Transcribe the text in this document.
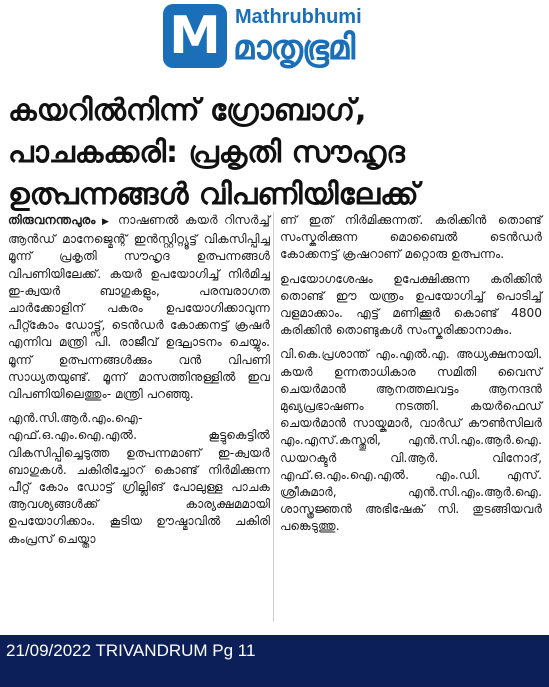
M Mathrubhumi
മാതൃഭൂമി
കയറിൽനിന്ന് ഗ്രോബാഗ്,
പാചകക്കരി: പ്രകൃതി സൗഹൃദ
ഉത്പന്നങ്ങൾ വിപണിയിലേക്ക്

തിരുവനന്തപുരം ▶ നാഷണൽ കയർ റിസർച്ച് ആൻഡ് മാനേജ്മെന്റ് ഇൻസ്റ്റിറ്റ്യൂട്ട് വികസിപ്പിച്ച മൂന്ന് പ്രകൃതി സൗഹൃദ ഉത്പന്നങ്ങൾ വിപണിയിലേക്ക്. കയർ ഉപയോഗിച്ച് നിർമിച്ച ഇ-ക്വയർ ബാഗുകളും, പരമ്പരാഗത ചാർക്കോളിന് പകരം ഉപയോഗിക്കാവുന്ന പീറ്റ്കോം ഡോട്ട്സ്, ടെൻഡർ കോക്കനട്ട് ക്രഷർ എന്നിവ മന്ത്രി പി. രാജീവ് ഉദ്ഘാടനം ചെയ്യും. മൂന്ന് ഉത്പന്നങ്ങൾക്കും വൻ വിപണി സാധ്യതയുണ്ട്. മൂന്ന് മാസത്തിനുള്ളിൽ ഇവ വിപണിയിലെത്തും- മന്ത്രി പറഞ്ഞു.

എൻ.സി.ആർ.എം.ഐ-എഫ്.ഒ.എം.ഐ.എൽ. കൂട്ടുകെട്ടിൽ വികസിപ്പിച്ചെടുത്ത ഉത്പന്നമാണ് ഇ-ക്വയർ ബാഗുകൾ. ചകിരിച്ചോറ് കൊണ്ട് നിർമിക്കുന്ന പീറ്റ് കോം ഡോട്ട് ഗ്രില്ലിങ് പോലുള്ള പാചക ആവശ്യങ്ങൾക്ക് കാര്യക്ഷമമായി ഉപയോഗിക്കാം. കൂടിയ ഊഷ്മാവിൽ ചകിരി കംപ്രസ് ചെയ്താ

ണ് ഇത് നിർമിക്കുന്നത്. കരിക്കിൻ തൊണ്ട് സംസ്കരിക്കുന്ന മൊബൈൽ ടെൻഡർ കോക്കനട്ട് ക്രഷറാണ് മറ്റൊരു ഉത്പന്നം.

ഉപയോഗശേഷം ഉപേക്ഷിക്കുന്ന കരിക്കിൻ തൊണ്ട് ഈ യന്ത്രം ഉപയോഗിച്ച് പൊടിച്ച് വളമാക്കാം. എട്ട് മണിക്കൂർ കൊണ്ട് 4800 കരിക്കിൻ തൊണ്ടുകൾ സംസ്കരിക്കാനാകും.

വി.കെ.പ്രശാന്ത് എം.എൽ.എ. അധ്യക്ഷനായി. കയർ ഉന്നതാധികാര സമിതി വൈസ് ചെയർമാൻ ആനത്തലവട്ടം ആനന്ദൻ മുഖ്യപ്രഭാഷണം നടത്തി. കയർഫെഡ് ചെയർമാൻ സായ്കുമാർ, വാർഡ് കൗൺസിലർ എം.എസ്.കസ്തൂരി, എൻ.സി.എം.ആർ.ഐ. ഡയറക്ടർ വി.ആർ. വിനോദ്, എഫ്.ഒ.എം.ഐ.എൽ. എം.ഡി. എസ്. ശ്രീകുമാർ, എൻ.സി.എം.ആർ.ഐ. ശാസ്ത്രജ്ഞൻ അഭിഷേക് സി. തുടങ്ങിയവർ പങ്കെടുത്തു.

21/09/2022 TRIVANDRUM Pg 11
